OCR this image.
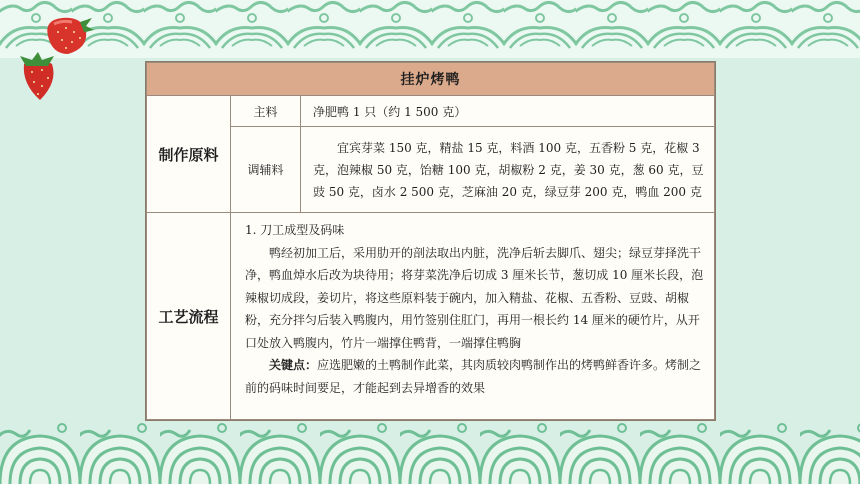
挂炉烤鸭		
制作原料	主料	净肥鸭 1 只（约 1 500 克）
	调辅料	宜宾芽菜 150 克，精盐 15 克，料酒 100 克，五香粉 5 克，花椒 3 克，泡辣椒 50 克，饴糖 100 克，胡椒粉 2 克，姜 30 克，葱 60 克，豆豉 50 克，卤水 2 500 克，芝麻油 20 克，绿豆芽 200 克，鸭血 200 克

工艺流程	1. 刀工成型及码味

鸭经初加工后，采用肋开的剖法取出内脏，洗净后斩去脚爪、翅尖；绿豆芽择洗干净，鸭血焯水后改为块待用；将芽菜洗净后切成 3 厘米长节，葱切成 10 厘米长段，泡辣椒切成段，姜切片，将这些原料装于碗内，加入精盐、花椒、五香粉、豆豉、胡椒粉，充分拌匀后装入鸭腹内，用竹签别住肛门，再用一根长约 14 厘米的硬竹片，从开口处放入鸭腹内，竹片一端撑住鸭背，一端撑住鸭胸

关键点：应选肥嫩的土鸭制作此菜，其肉质较肉鸭制作出的烤鸭鲜香许多。烤制之前的码味时间要足，才能起到去异增香的效果	
